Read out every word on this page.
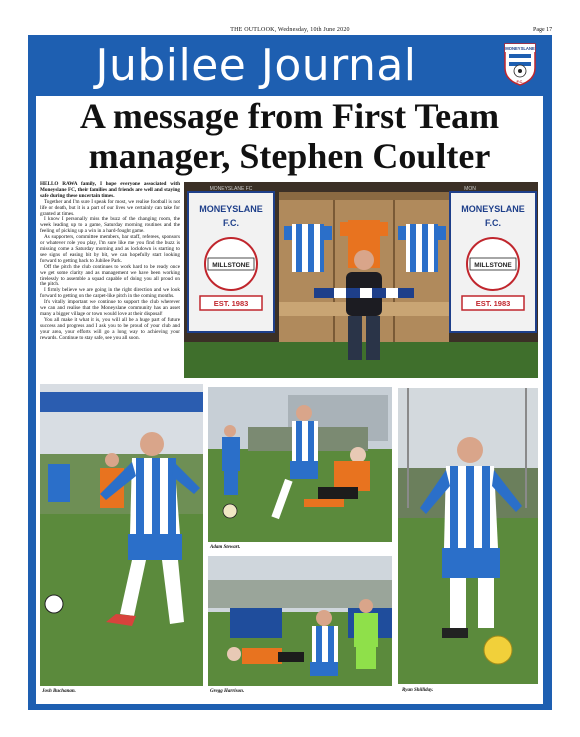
THE OUTLOOK, Wednesday, 10th June 2020	Page 17
Jubilee Journal	MONEYSLANE
F.C.
A message from First Team
manager, Stephen Coulter

HELLO RAWA family, I hope everyone associated with Moneyslane FC, their families and friends are well and staying safe during these uncertain times.

Together and I'm sure I speak for most, we realise football is not life or death, but it is a part of our lives we certainly can take for granted at times.

I know I personally miss the buzz of the changing room, the week leading up to a game, Saturday morning routines and the feeling of picking up a win in a hard-fought game.

As supporters, committee members, bar staff, referees, sponsors or whatever role you play, I'm sure like me you find the buzz is missing come a Saturday morning and as lockdown is starting to see signs of easing bit by bit, we can hopefully start looking forward to getting back to Jubilee Park.

Off the pitch the club continues to work hard to be ready once we get some clarity and as management we have been working tirelessly to assemble a squad capable of doing you all proud on the pitch.

I firmly believe we are going in the right direction and we look forward to getting on the carpet-like pitch in the coming months.

It's vitally important we continue to support the club wherever we can and realise that the Moneyslane community has an asset many a bigger village or town would love at their disposal!

You all make it what it is, you will all be a huge part of future success and progress and I ask you to be proud of your club and your area, your efforts will go a long way to achieving your rewards. Continue to stay safe, see you all soon.

MONEYSLANE
F.C.
MILLSTONE
EST. 1983
MONEYSLANE FC
MONEYSLANE
F.C.
MILLSTONE
EST. 1983
MON
Josh Buchanan.
Adam Stewart.
Gregg Harrison.	Ryan Shilliday.
